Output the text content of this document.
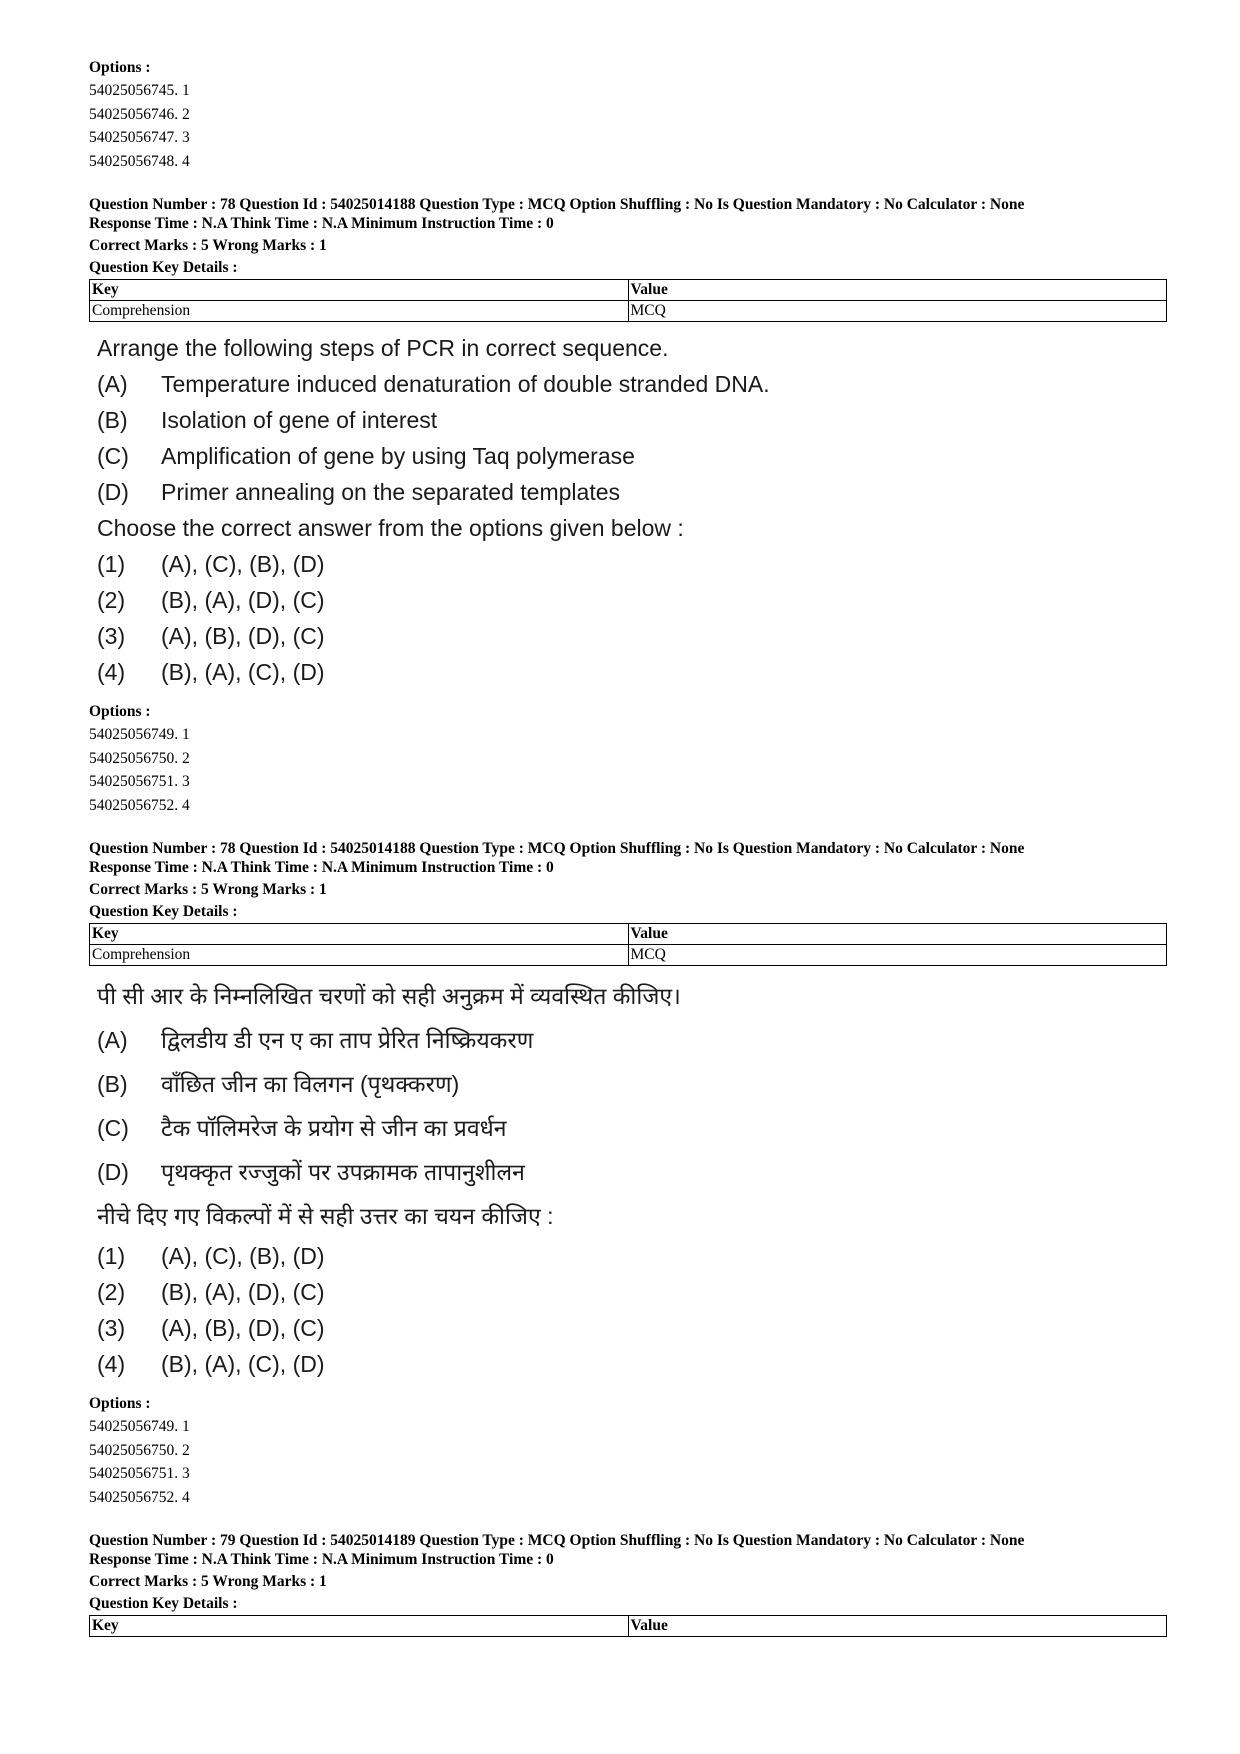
Options :
54025056745. 1
54025056746. 2
54025056747. 3
54025056748. 4
Question Number : 78 Question Id : 54025014188 Question Type : MCQ Option Shuffling : No Is Question Mandatory : No Calculator : None
Response Time : N.A Think Time : N.A Minimum Instruction Time : 0
Correct Marks : 5 Wrong Marks : 1
Question Key Details :
Key	Value
Comprehension	MCQ
Arrange the following steps of PCR in correct sequence.
(A)	Temperature induced denaturation of double stranded DNA.
(B)	Isolation of gene of interest
(C)	Amplification of gene by using Taq polymerase
(D)	Primer annealing on the separated templates
Choose the correct answer from the options given below :
(1)	(A), (C), (B), (D)
(2)	(B), (A), (D), (C)
(3)	(A), (B), (D), (C)
(4)	(B), (A), (C), (D)
Options :
54025056749. 1
54025056750. 2
54025056751. 3
54025056752. 4
Question Number : 78 Question Id : 54025014188 Question Type : MCQ Option Shuffling : No Is Question Mandatory : No Calculator : None
Response Time : N.A Think Time : N.A Minimum Instruction Time : 0
Correct Marks : 5 Wrong Marks : 1
Question Key Details :
Key	Value
Comprehension	MCQ
पी सी आर के निम्नलिखित चरणों को सही अनुक्रम में व्यवस्थित कीजिए।
(A)	द्विलडीय डी एन ए का ताप प्रेरित निष्क्रियकरण
(B)	वाँछित जीन का विलगन (पृथक्करण)
(C)	टैक पॉलिमरेज के प्रयोग से जीन का प्रवर्धन
(D)	पृथक्कृत रज्जुकों पर उपक्रामक तापानुशीलन
नीचे दिए गए विकल्पों में से सही उत्तर का चयन कीजिए :
(1)	(A), (C), (B), (D)
(2)	(B), (A), (D), (C)
(3)	(A), (B), (D), (C)
(4)	(B), (A), (C), (D)
Options :
54025056749. 1
54025056750. 2
54025056751. 3
54025056752. 4
Question Number : 79 Question Id : 54025014189 Question Type : MCQ Option Shuffling : No Is Question Mandatory : No Calculator : None
Response Time : N.A Think Time : N.A Minimum Instruction Time : 0
Correct Marks : 5 Wrong Marks : 1
Question Key Details :
Key	Value
